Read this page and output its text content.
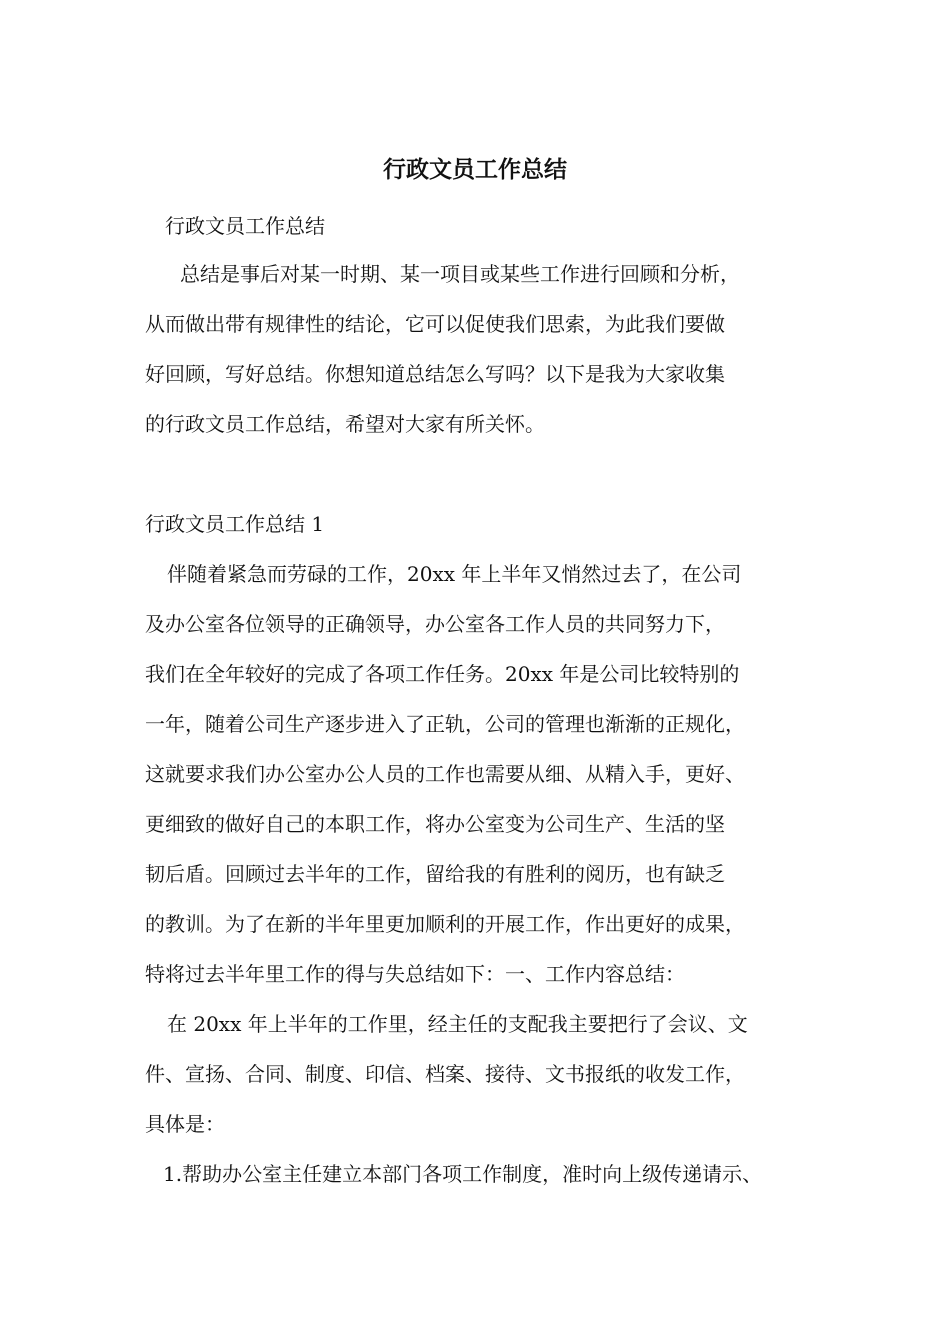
行政文员工作总结

行政文员工作总结

总结是事后对某一时期、某一项目或某些工作进行回顾和分析，

从而做出带有规律性的结论，它可以促使我们思索，为此我们要做

好回顾，写好总结。你想知道总结怎么写吗？以下是我为大家收集

的行政文员工作总结，希望对大家有所关怀。

行政文员工作总结 1

伴随着紧急而劳碌的工作，20xx 年上半年又悄然过去了，在公司

及办公室各位领导的正确领导，办公室各工作人员的共同努力下，

我们在全年较好的完成了各项工作任务。20xx 年是公司比较特别的

一年，随着公司生产逐步进入了正轨，公司的管理也渐渐的正规化，

这就要求我们办公室办公人员的工作也需要从细、从精入手，更好、

更细致的做好自己的本职工作，将办公室变为公司生产、生活的坚

韧后盾。回顾过去半年的工作，留给我的有胜利的阅历，也有缺乏

的教训。为了在新的半年里更加顺利的开展工作，作出更好的成果，

特将过去半年里工作的得与失总结如下：一、工作内容总结：

在 20xx 年上半年的工作里，经主任的支配我主要把行了会议、文

件、宣扬、合同、制度、印信、档案、接待、文书报纸的收发工作，

具体是：

1.帮助办公室主任建立本部门各项工作制度，准时向上级传递请示、
